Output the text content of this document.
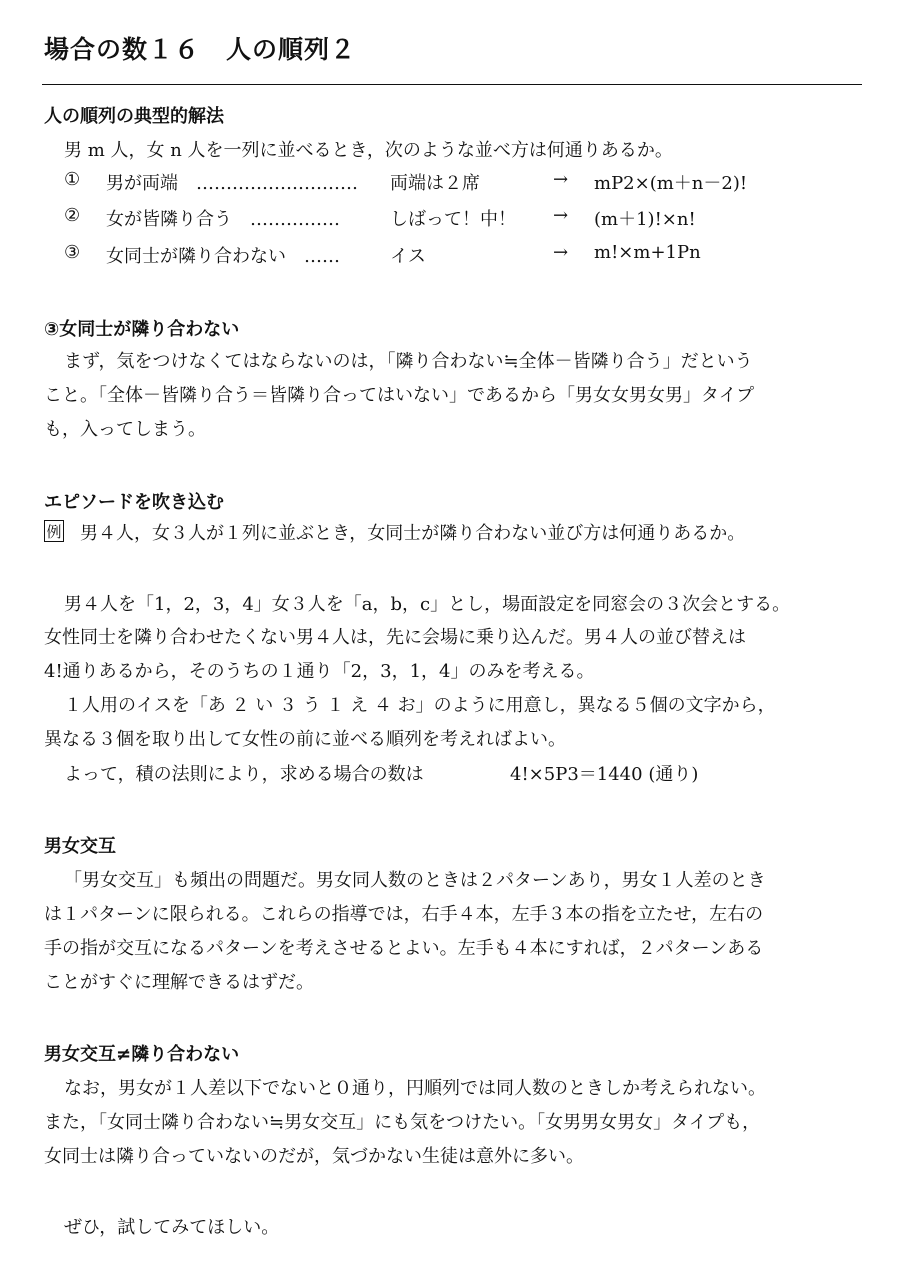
場合の数１６　人の順列２
人の順列の典型的解法
男 m 人，女 n 人を一列に並べるとき，次のような並べ方は何通りあるか。
① 男が両端　……………………… 両端は２席	→ mP2×(m＋n－2)!
② 女が皆隣り合う　……………	しばって！中！ → (m＋1)!×n!
③ 女同士が隣り合わない　……	イス	→ m!×m+1Pn
③女同士が隣り合わない
まず，気をつけなくてはならないのは，「隣り合わない≒全体－皆隣り合う」だという
こと。「全体－皆隣り合う＝皆隣り合ってはいない」であるから「男女女男女男」タイプ
も，入ってしまう。
エピソードを吹き込む
例 男４人，女３人が１列に並ぶとき，女同士が隣り合わない並び方は何通りあるか。
男４人を「1，2，3，4」女３人を「a，b，c」とし，場面設定を同窓会の３次会とする。
女性同士を隣り合わせたくない男４人は，先に会場に乗り込んだ。男４人の並び替えは
4!通りあるから，そのうちの１通り「2，3，1，4」のみを考える。
１人用のイスを「あ ２ い ３ う １ え ４ お」のように用意し，異なる５個の文字から，
異なる３個を取り出して女性の前に並べる順列を考えればよい。
よって，積の法則により，求める場合の数は	4!×5P3＝1440 (通り)
男女交互
「男女交互」も頻出の問題だ。男女同人数のときは２パターンあり，男女１人差のとき
は１パターンに限られる。これらの指導では，右手４本，左手３本の指を立たせ，左右の
手の指が交互になるパターンを考えさせるとよい。左手も４本にすれば，２パターンある
ことがすぐに理解できるはずだ。
男女交互≠隣り合わない
なお，男女が１人差以下でないと０通り，円順列では同人数のときしか考えられない。
また，「女同士隣り合わない≒男女交互」にも気をつけたい。「女男男女男女」タイプも，
女同士は隣り合っていないのだが，気づかない生徒は意外に多い。
ぜひ，試してみてほしい。
